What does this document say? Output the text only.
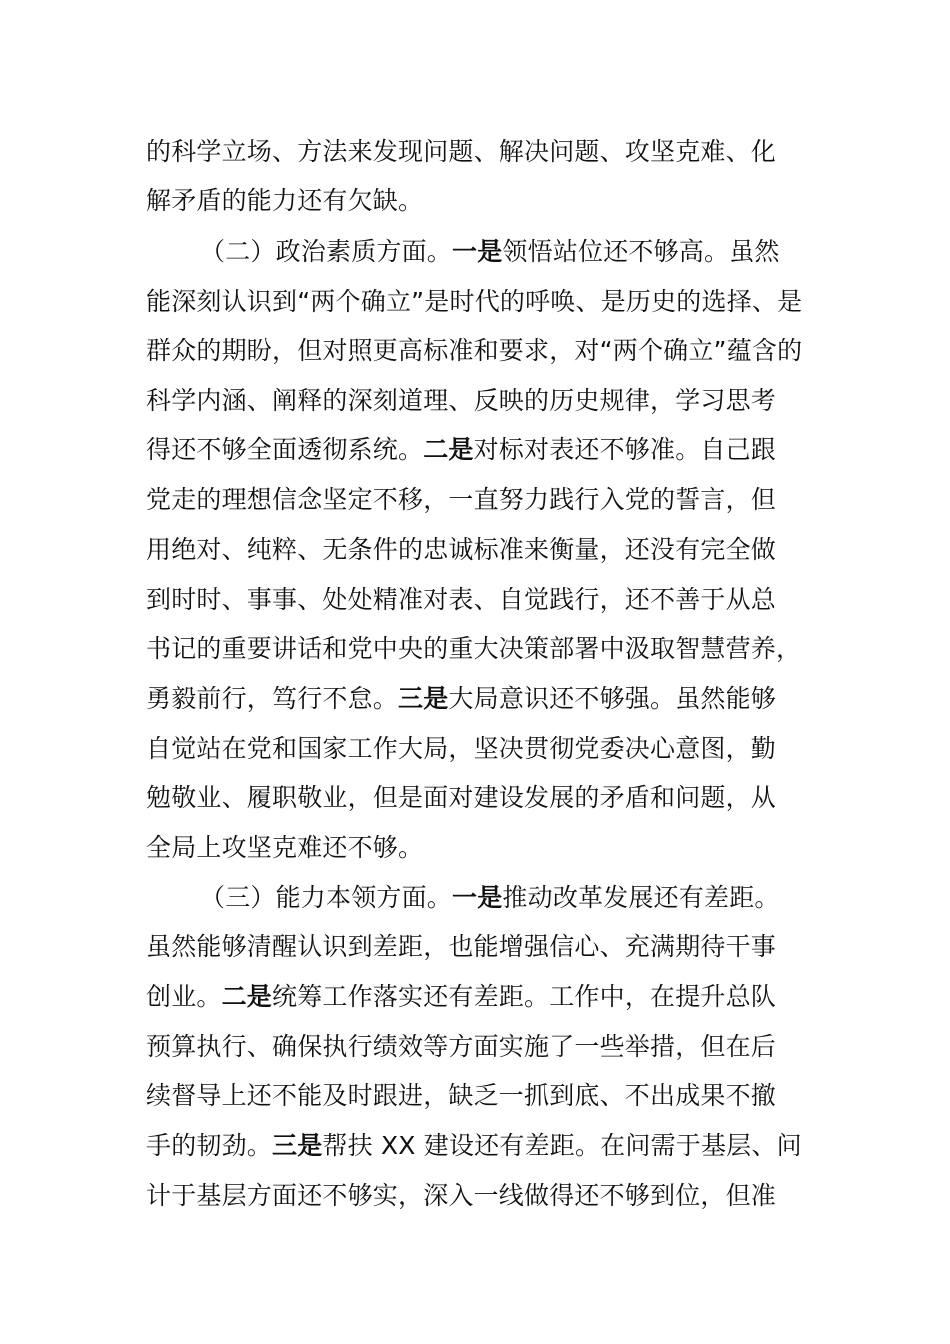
的科学立场、方法来发现问题、解决问题、攻坚克难、化
解矛盾的能力还有欠缺。
（二）政治素质方面。一是领悟站位还不够高。虽然
能深刻认识到“两个确立”是时代的呼唤、是历史的选择、是
群众的期盼，但对照更高标准和要求，对“两个确立”蕴含的
科学内涵、阐释的深刻道理、反映的历史规律，学习思考
得还不够全面透彻系统。二是对标对表还不够准。自己跟
党走的理想信念坚定不移，一直努力践行入党的誓言，但
用绝对、纯粹、无条件的忠诚标准来衡量，还没有完全做
到时时、事事、处处精准对表、自觉践行，还不善于从总
书记的重要讲话和党中央的重大决策部署中汲取智慧营养，
勇毅前行，笃行不怠。三是大局意识还不够强。虽然能够
自觉站在党和国家工作大局，坚决贯彻党委决心意图，勤
勉敬业、履职敬业，但是面对建设发展的矛盾和问题，从
全局上攻坚克难还不够。
（三）能力本领方面。一是推动改革发展还有差距。
虽然能够清醒认识到差距，也能增强信心、充满期待干事
创业。二是统筹工作落实还有差距。工作中，在提升总队
预算执行、确保执行绩效等方面实施了一些举措，但在后
续督导上还不能及时跟进，缺乏一抓到底、不出成果不撤
手的韧劲。三是帮扶 XX 建设还有差距。在问需于基层、问
计于基层方面还不够实，深入一线做得还不够到位，但准
